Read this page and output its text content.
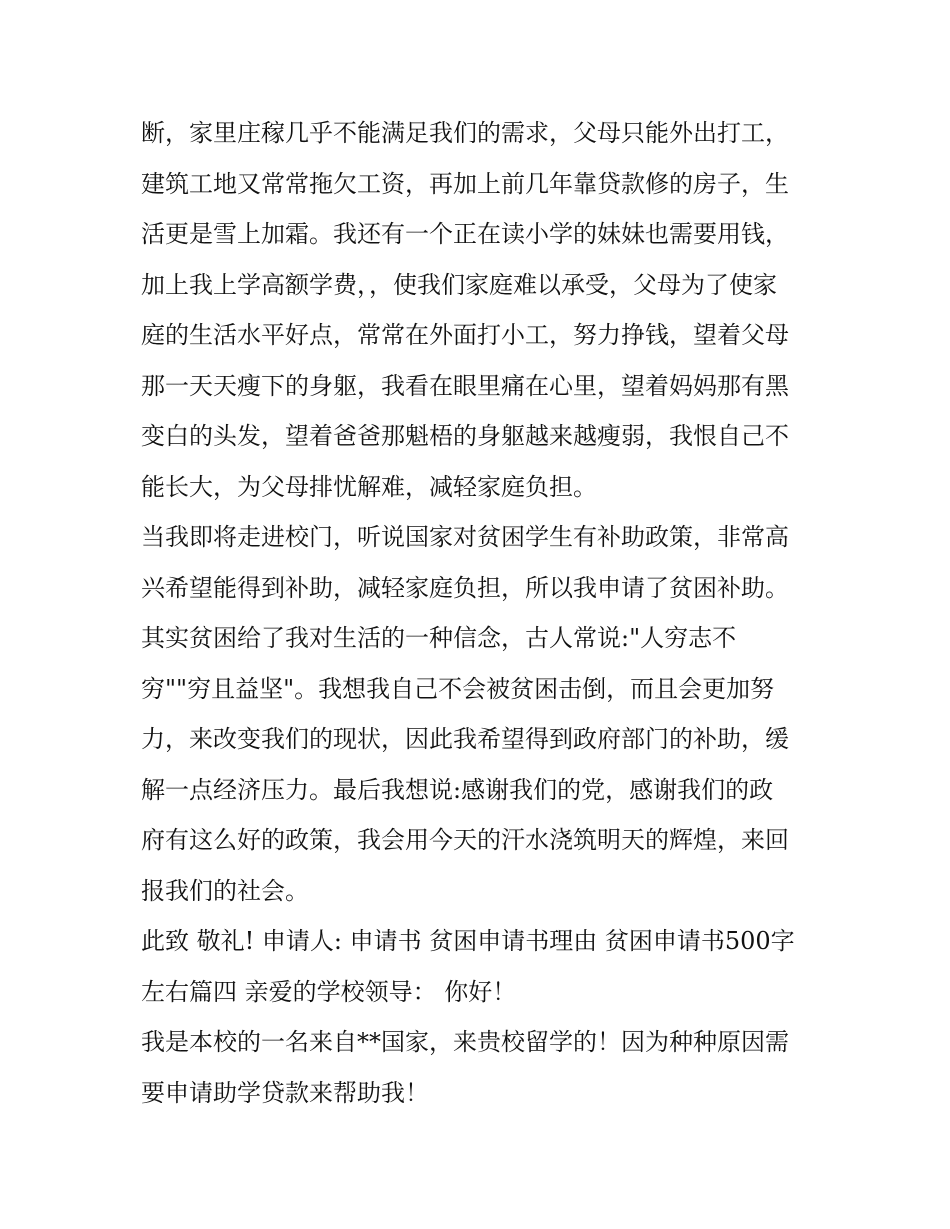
断，家里庄稼几乎不能满足我们的需求，父母只能外出打工，
建筑工地又常常拖欠工资，再加上前几年靠贷款修的房子，生
活更是雪上加霜。我还有一个正在读小学的妹妹也需要用钱，
加上我上学高额学费，，使我们家庭难以承受，父母为了使家
庭的生活水平好点，常常在外面打小工，努力挣钱，望着父母
那一天天瘦下的身躯，我看在眼里痛在心里，望着妈妈那有黑
变白的头发，望着爸爸那魁梧的身躯越来越瘦弱，我恨自己不
能长大，为父母排忧解难，减轻家庭负担。
当我即将走进校门，听说国家对贫困学生有补助政策，非常高
兴希望能得到补助，减轻家庭负担，所以我申请了贫困补助。
其实贫困给了我对生活的一种信念，古人常说:"人穷志不
穷""穷且益坚"。我想我自己不会被贫困击倒，而且会更加努
力，来改变我们的现状，因此我希望得到政府部门的补助，缓
解一点经济压力。最后我想说:感谢我们的党，感谢我们的政
府有这么好的政策，我会用今天的汗水浇筑明天的辉煌，来回
报我们的社会。
此致 敬礼! 申请人: 申请书 贫困申请书理由 贫困申请书500字
左右篇四 亲爱的学校领导： 你好！
我是本校的一名来自**国家，来贵校留学的！因为种种原因需
要申请助学贷款来帮助我！
